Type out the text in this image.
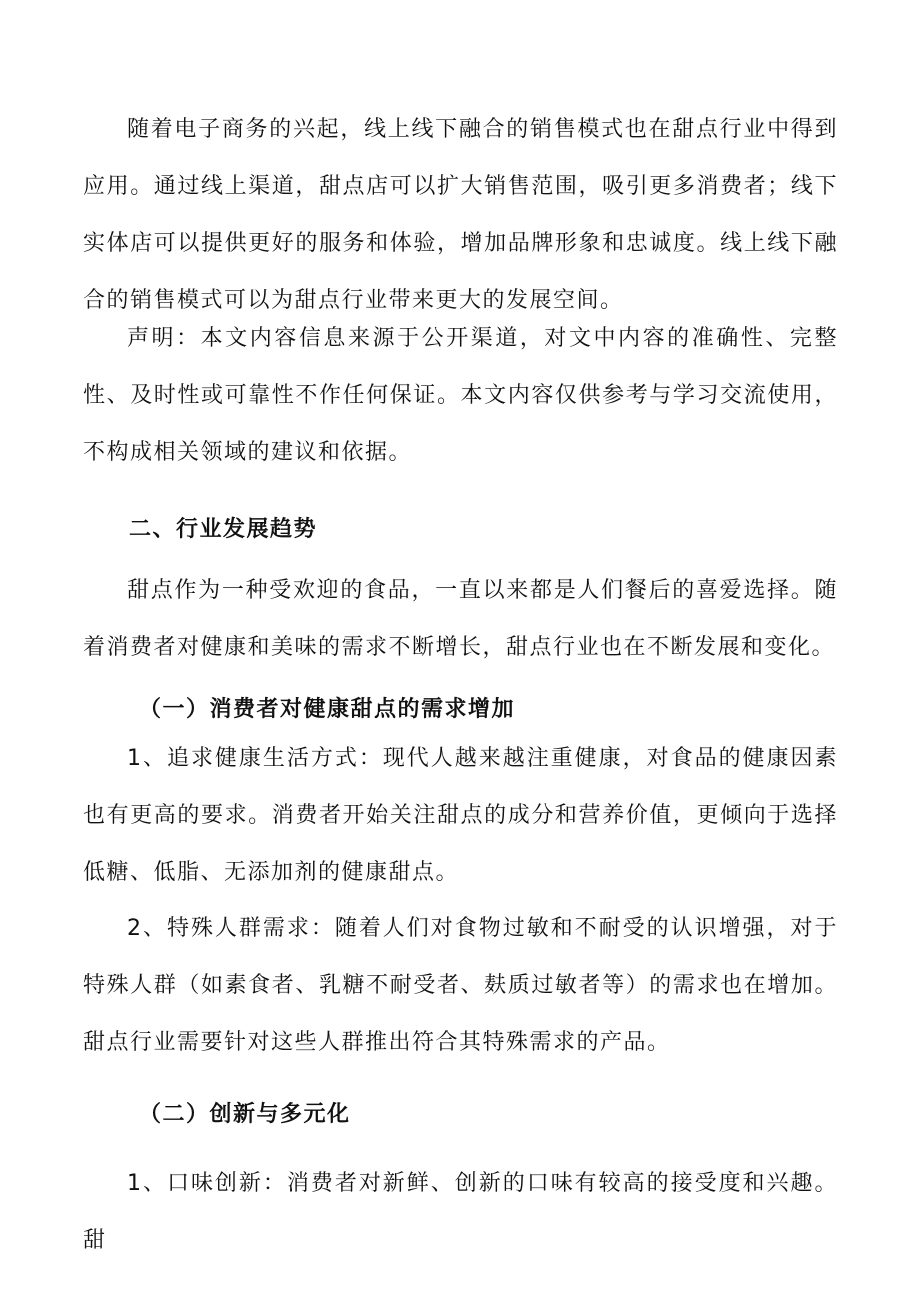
随着电子商务的兴起，线上线下融合的销售模式也在甜点行业中得到应用。通过线上渠道，甜点店可以扩大销售范围，吸引更多消费者；线下实体店可以提供更好的服务和体验，增加品牌形象和忠诚度。线上线下融合的销售模式可以为甜点行业带来更大的发展空间。

声明：本文内容信息来源于公开渠道，对文中内容的准确性、完整性、及时性或可靠性不作任何保证。本文内容仅供参考与学习交流使用，不构成相关领域的建议和依据。

二、行业发展趋势

甜点作为一种受欢迎的食品，一直以来都是人们餐后的喜爱选择。随着消费者对健康和美味的需求不断增长，甜点行业也在不断发展和变化。

（一）消费者对健康甜点的需求增加

1、追求健康生活方式：现代人越来越注重健康，对食品的健康因素也有更高的要求。消费者开始关注甜点的成分和营养价值，更倾向于选择低糖、低脂、无添加剂的健康甜点。

2、特殊人群需求：随着人们对食物过敏和不耐受的认识增强，对于特殊人群（如素食者、乳糖不耐受者、麸质过敏者等）的需求也在增加。甜点行业需要针对这些人群推出符合其特殊需求的产品。

（二）创新与多元化

1、口味创新：消费者对新鲜、创新的口味有较高的接受度和兴趣。甜
